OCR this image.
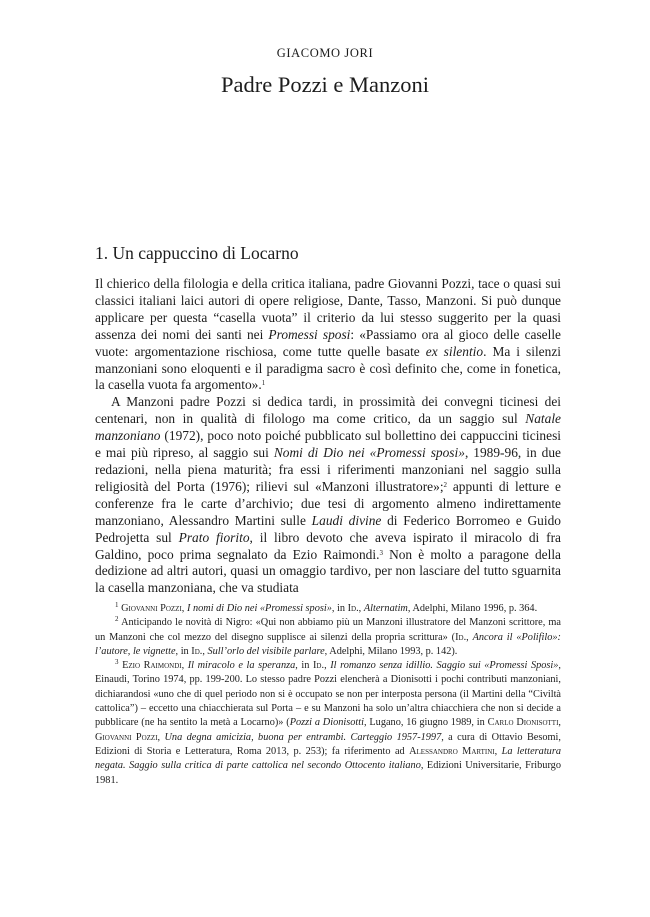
GIACOMO JORI
Padre Pozzi e Manzoni
1. Un cappuccino di Locarno

Il chierico della filologia e della critica italiana, padre Giovanni Pozzi, tace o quasi sui classici italiani laici autori di opere religiose, Dante, Tasso, Manzoni. Si può dunque applicare per questa “casella vuota” il criterio da lui stesso suggerito per la quasi assenza dei nomi dei santi nei Promessi sposi: «Passiamo ora al gioco delle caselle vuote: argomentazione rischiosa, come tutte quelle basate ex silentio. Ma i silenzi manzoniani sono eloquenti e il paradigma sacro è così definito che, come in fonetica, la casella vuota fa argomento».$^1$

A Manzoni padre Pozzi si dedica tardi, in prossimità dei convegni ticinesi dei centenari, non in qualità di filologo ma come critico, da un saggio sul Natale manzoniano (1972), poco noto poiché pubblicato sul bollettino dei cappuccini ticinesi e mai più ripreso, al saggio sui Nomi di Dio nei «Promessi sposi», 1989-96, in due redazioni, nella piena maturità; fra essi i riferimenti manzoniani nel saggio sulla religiosità del Porta (1976); rilievi sul «Manzoni illustratore»;$^2$ appunti di letture e conferenze fra le carte d’archivio; due tesi di argomento almeno indirettamente manzoniano, Alessandro Martini sulle Laudi divine di Federico Borromeo e Guido Pedrojetta sul Prato fiorito, il libro devoto che aveva ispirato il miracolo di fra Galdino, poco prima segnalato da Ezio Raimondi.$^3$ Non è molto a paragone della dedizione ad altri autori, quasi un omaggio tardivo, per non lasciare del tutto sguarnita la casella manzoniana, che va studiata

$^1$ Giovanni Pozzi, I nomi di Dio nei «Promessi sposi», in Id., Alternatim, Adelphi, Milano 1996, p. 364.

$^2$ Anticipando le novità di Nigro: «Qui non abbiamo più un Manzoni illustratore del Manzoni scrittore, ma un Manzoni che col mezzo del disegno supplisce ai silenzi della propria scrittura» (Id., Ancora il «Polifilo»: l’autore, le vignette, in Id., Sull’orlo del visibile parlare, Adelphi, Milano 1993, p. 142).

$^3$ Ezio Raimondi, Il miracolo e la speranza, in Id., Il romanzo senza idillio. Saggio sui «Promessi Sposi», Einaudi, Torino 1974, pp. 199-200. Lo stesso padre Pozzi elencherà a Dionisotti i pochi contributi manzoniani, dichiarandosi «uno che di quel periodo non si è occupato se non per interposta persona (il Martini della “Civiltà cattolica”) – eccetto una chiacchierata sul Porta – e su Manzoni ha solo un’altra chiacchiera che non si decide a pubblicare (ne ha sentito la metà a Locarno)» (Pozzi a Dionisotti, Lugano, 16 giugno 1989, in Carlo Dionisotti, Giovanni Pozzi, Una degna amicizia, buona per entrambi. Carteggio 1957-1997, a cura di Ottavio Besomi, Edizioni di Storia e Letteratura, Roma 2013, p. 253); fa riferimento ad Alessandro Martini, La letteratura negata. Saggio sulla critica di parte cattolica nel secondo Ottocento italiano, Edizioni Universitarie, Friburgo 1981.
